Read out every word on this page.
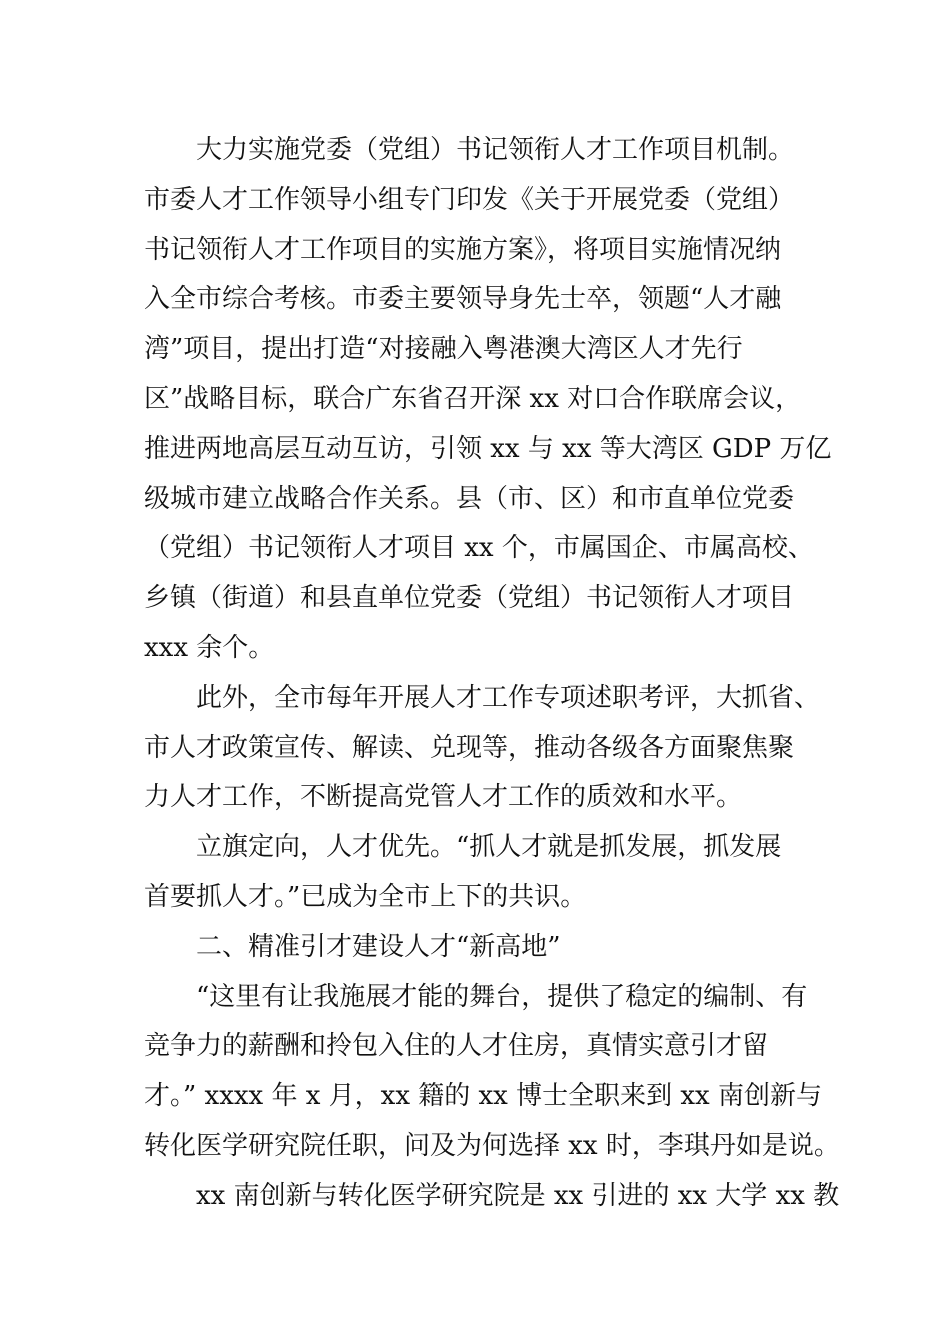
大力实施党委（党组）书记领衔人才工作项目机制。
市委人才工作领导小组专门印发《关于开展党委（党组）
书记领衔人才工作项目的实施方案》，将项目实施情况纳
入全市综合考核。市委主要领导身先士卒，领题“人才融
湾”项目，提出打造“对接融入粤港澳大湾区人才先行
区”战略目标，联合广东省召开深 xx 对口合作联席会议，
推进两地高层互动互访，引领 xx 与 xx 等大湾区 GDP 万亿
级城市建立战略合作关系。县（市、区）和市直单位党委
（党组）书记领衔人才项目 xx 个，市属国企、市属高校、
乡镇（街道）和县直单位党委（党组）书记领衔人才项目
xxx 余个。
此外，全市每年开展人才工作专项述职考评，大抓省、
市人才政策宣传、解读、兑现等，推动各级各方面聚焦聚
力人才工作，不断提高党管人才工作的质效和水平。
立旗定向，人才优先。“抓人才就是抓发展，抓发展
首要抓人才。”已成为全市上下的共识。
二、精准引才建设人才“新高地”
“这里有让我施展才能的舞台，提供了稳定的编制、有
竞争力的薪酬和拎包入住的人才住房，真情实意引才留
才。” xxxx 年 x 月，xx 籍的 xx 博士全职来到 xx 南创新与
转化医学研究院任职，问及为何选择 xx 时，李琪丹如是说。
xx 南创新与转化医学研究院是 xx 引进的 xx 大学 xx 教
